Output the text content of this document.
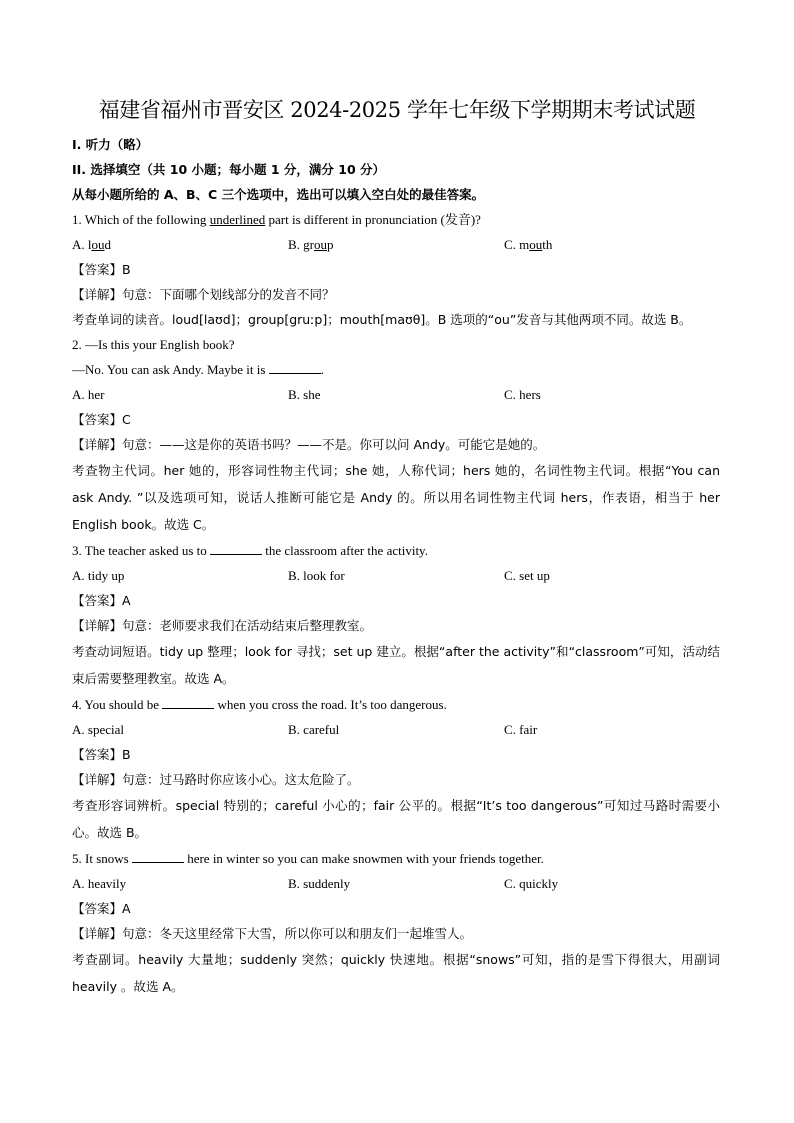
福建省福州市晋安区 2024-2025 学年七年级下学期期末考试试题
I. 听力（略）
II. 选择填空（共 10 小题；每小题 1 分，满分 10 分）
从每小题所给的 A、B、C 三个选项中，选出可以填入空白处的最佳答案。
1. Which of the following underlined part is different in pronunciation (发音)?
A. loud	B. group	C. mouth
【答案】B
【详解】句意：下面哪个划线部分的发音不同？
考查单词的读音。loud[laʊd]；group[gruːp]；mouth[maʊθ]。B 选项的“ou”发音与其他两项不同。故选 B。
2. —Is this your English book?
—No. You can ask Andy. Maybe it is	.
A. her	B. she	C. hers
【答案】C
【详解】句意：——这是你的英语书吗？——不是。你可以问 Andy。可能它是她的。
考查物主代词。her 她的，形容词性物主代词；she 她，人称代词；hers 她的，名词性物主代词。根据“You can ask Andy. ”以及选项可知，说话人推断可能它是 Andy 的。所以用名词性物主代词 hers，作表语，相当于 her English book。故选 C。
3. The teacher asked us to	the classroom after the activity.
A. tidy up	B. look for	C. set up
【答案】A
【详解】句意：老师要求我们在活动结束后整理教室。
考查动词短语。tidy up 整理；look for 寻找；set up 建立。根据“after the activity”和“classroom”可知，活动结束后需要整理教室。故选 A。
4. You should be	when you cross the road. It’s too dangerous.
A. special	B. careful	C. fair
【答案】B
【详解】句意：过马路时你应该小心。这太危险了。
考查形容词辨析。special 特别的；careful 小心的；fair 公平的。根据“It’s too dangerous”可知过马路时需要小心。故选 B。
5. It snows	here in winter so you can make snowmen with your friends together.
A. heavily	B. suddenly	C. quickly
【答案】A
【详解】句意：冬天这里经常下大雪，所以你可以和朋友们一起堆雪人。
考查副词。heavily 大量地；suddenly 突然；quickly 快速地。根据“snows”可知，指的是雪下得很大，用副词 heavily 。故选 A。
